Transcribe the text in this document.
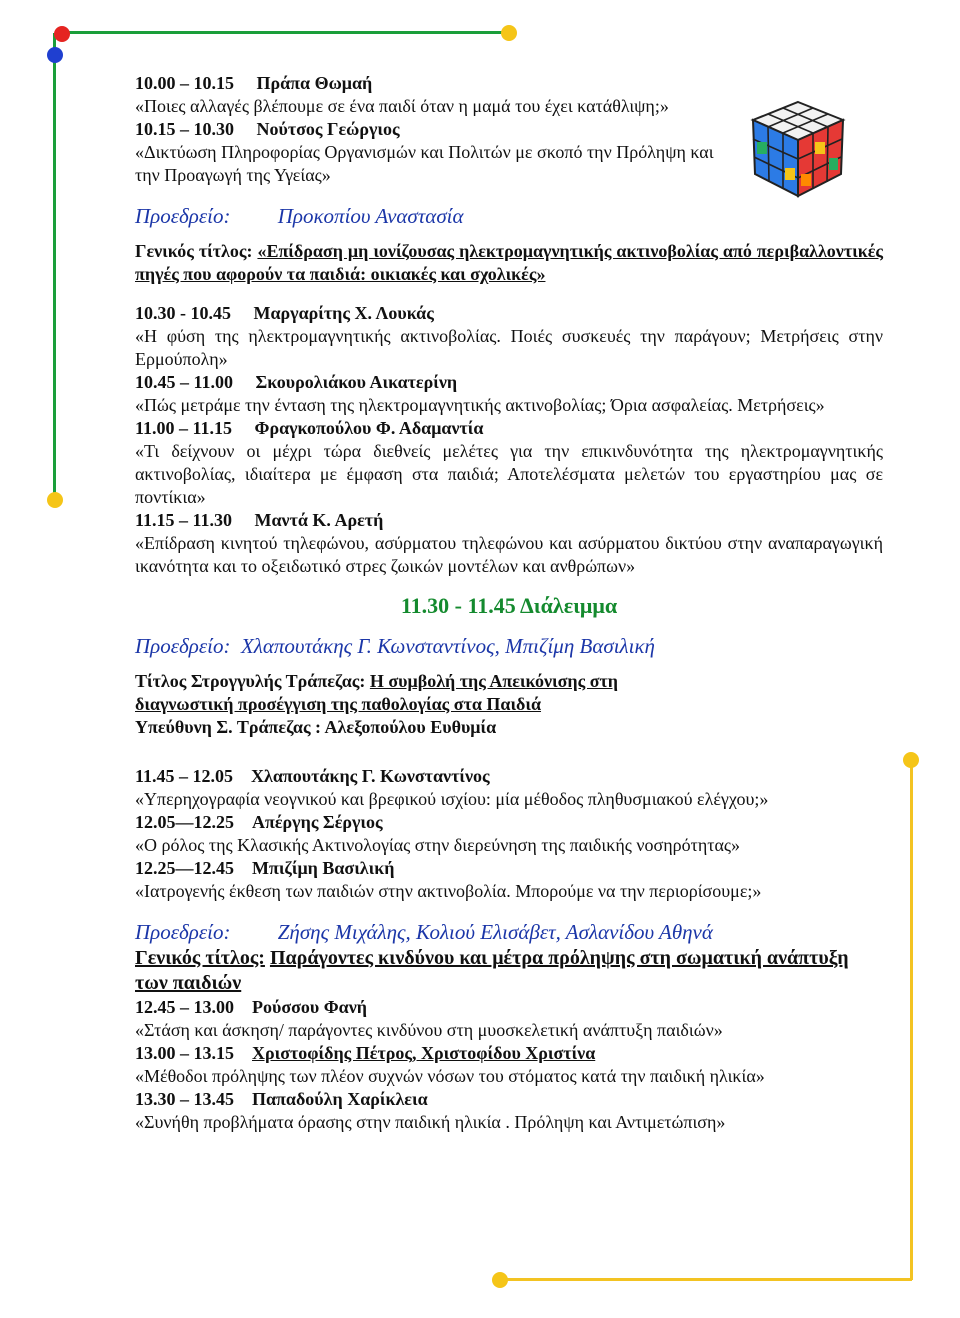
10.00 – 10.15 Πράπα Θωμαή
«Ποιες αλλαγές βλέπουμε σε ένα παιδί όταν η μαμά του έχει κατάθλιψη;»
10.15 – 10.30 Νούτσος Γεώργιος
«Δικτύωση Πληροφορίας Οργανισμών και Πολιτών με σκοπό την Πρόληψη και την Προαγωγή της Υγείας»
Προεδρείο: Προκοπίου Αναστασία
Γενικός τίτλος: «Επίδραση μη ιονίζουσας ηλεκτρομαγνητικής ακτινοβολίας από περιβαλλοντικές πηγές που αφορούν τα παιδιά: οικιακές και σχολικές»
10.30 - 10.45 Μαργαρίτης Χ. Λουκάς
«Η φύση της ηλεκτρομαγνητικής ακτινοβολίας. Ποιές συσκευές την παράγουν; Μετρήσεις στην Ερμούπολη»
10.45 – 11.00 Σκουρολιάκου Αικατερίνη
«Πώς μετράμε την ένταση της ηλεκτρομαγνητικής ακτινοβολίας; Όρια ασφαλείας. Μετρήσεις»
11.00 – 11.15 Φραγκοπούλου Φ. Αδαμαντία
«Τι δείχνουν οι μέχρι τώρα διεθνείς μελέτες για την επικινδυνότητα της ηλεκτρομαγνητικής ακτινοβολίας, ιδιαίτερα με έμφαση στα παιδιά; Αποτελέσματα μελετών του εργαστηρίου μας σε ποντίκια»
11.15 – 11.30 Μαντά Κ. Αρετή
«Επίδραση κινητού τηλεφώνου, ασύρματου τηλεφώνου και ασύρματου δικτύου στην αναπαραγωγική ικανότητα και το οξειδωτικό στρες ζωικών μοντέλων και ανθρώπων»
11.30 - 11.45 Διάλειμμα
Προεδρείο: Χλαπουτάκης Γ. Κωνσταντίνος, Μπιζίμη Βασιλική
Τίτλος Στρογγυλής Τράπεζας: Η συμβολή της Απεικόνισης στη διαγνωστική προσέγγιση της παθολογίας στα Παιδιά
Υπεύθυνη Σ. Τράπεζας : Αλεξοπούλου Ευθυμία
11.45 – 12.05 Χλαπουτάκης Γ. Κωνσταντίνος
«Υπερηχογραφία νεογνικού και βρεφικού ισχίου: μία μέθοδος πληθυσμιακού ελέγχου;»
12.05—12.25 Απέργης Σέργιος
«Ο ρόλος της Κλασικής Ακτινολογίας στην διερεύνηση της παιδικής νοσηρότητας»
12.25—12.45 Μπιζίμη Βασιλική
«Ιατρογενής έκθεση των παιδιών στην ακτινοβολία. Μπορούμε να την περιορίσουμε;»
Προεδρείο: Ζήσης Μιχάλης, Κολιού Ελισάβετ, Ασλανίδου Αθηνά
Γενικός τίτλος: Παράγοντες κινδύνου και μέτρα πρόληψης στη σωματική ανάπτυξη των παιδιών
12.45 – 13.00 Ρούσσου Φανή
«Στάση και άσκηση/ παράγοντες κινδύνου στη μυοσκελετική ανάπτυξη παιδιών»
13.00 – 13.15 Χριστοφίδης Πέτρος, Χριστοφίδου Χριστίνα
«Μέθοδοι πρόληψης των πλέον συχνών νόσων του στόματος κατά την παιδική ηλικία»
13.30 – 13.45 Παπαδούλη Χαρίκλεια
«Συνήθη προβλήματα όρασης στην παιδική ηλικία . Πρόληψη και Αντιμετώπιση»
